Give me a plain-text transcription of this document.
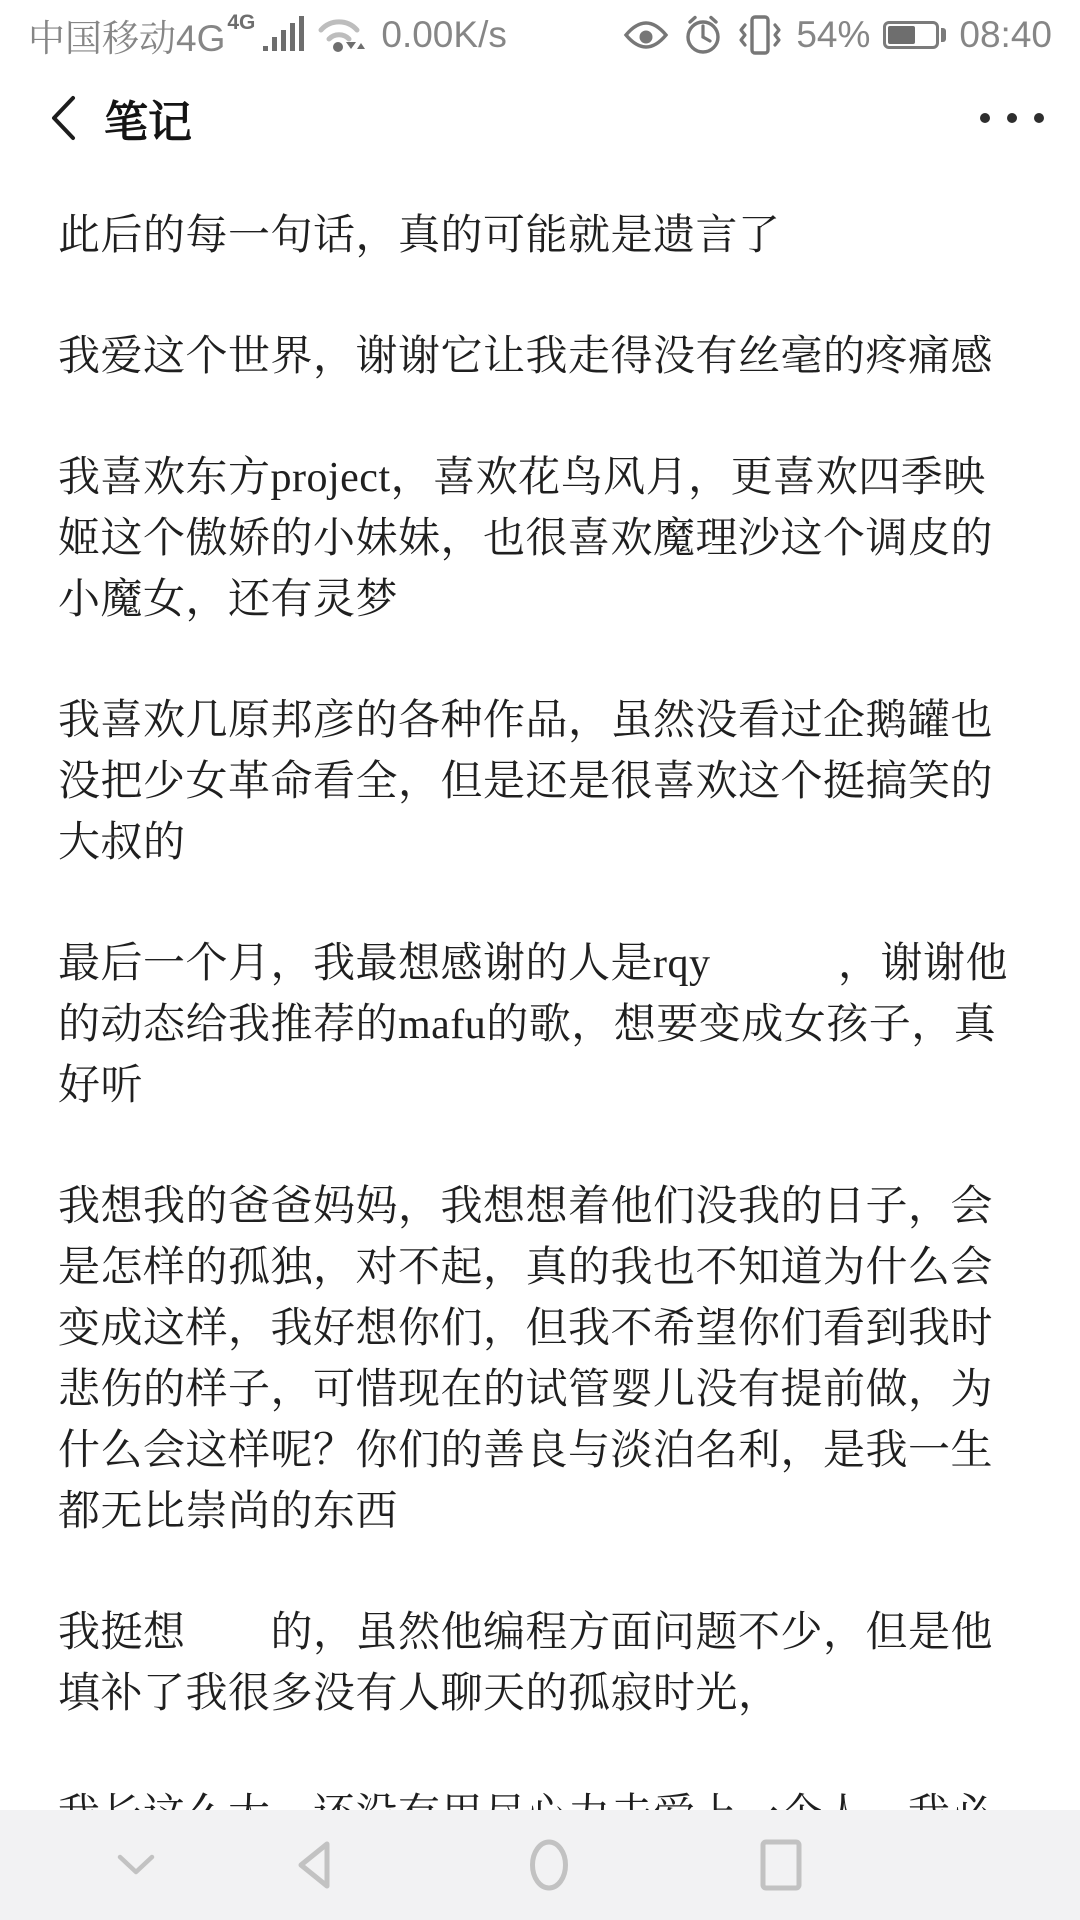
中国移动4G 4G	0.00K/s	54% 08:40
笔记

此后的每一句话，真的可能就是遗言了

我爱这个世界，谢谢它让我走得没有丝毫的疼痛感

我喜欢东方project，喜欢花鸟风月，更喜欢四季映姬这个傲娇的小妹妹，也很喜欢魔理沙这个调皮的小魔女，还有灵梦

我喜欢几原邦彦的各种作品，虽然没看过企鹅罐也没把少女革命看全，但是还是很喜欢这个挺搞笑的大叔的

最后一个月，我最想感谢的人是rqy　　　，谢谢他的动态给我推荐的mafu的歌，想要变成女孩子，真好听

我想我的爸爸妈妈，我想想着他们没我的日子，会是怎样的孤独，对不起，真的我也不知道为什么会变成这样，我好想你们，但我不希望你们看到我时悲伤的样子，可惜现在的试管婴儿没有提前做，为什么会这样呢？你们的善良与淡泊名利，是我一生都无比崇尚的东西

我挺想　　的，虽然他编程方面问题不少，但是他填补了我很多没有人聊天的孤寂时光，
